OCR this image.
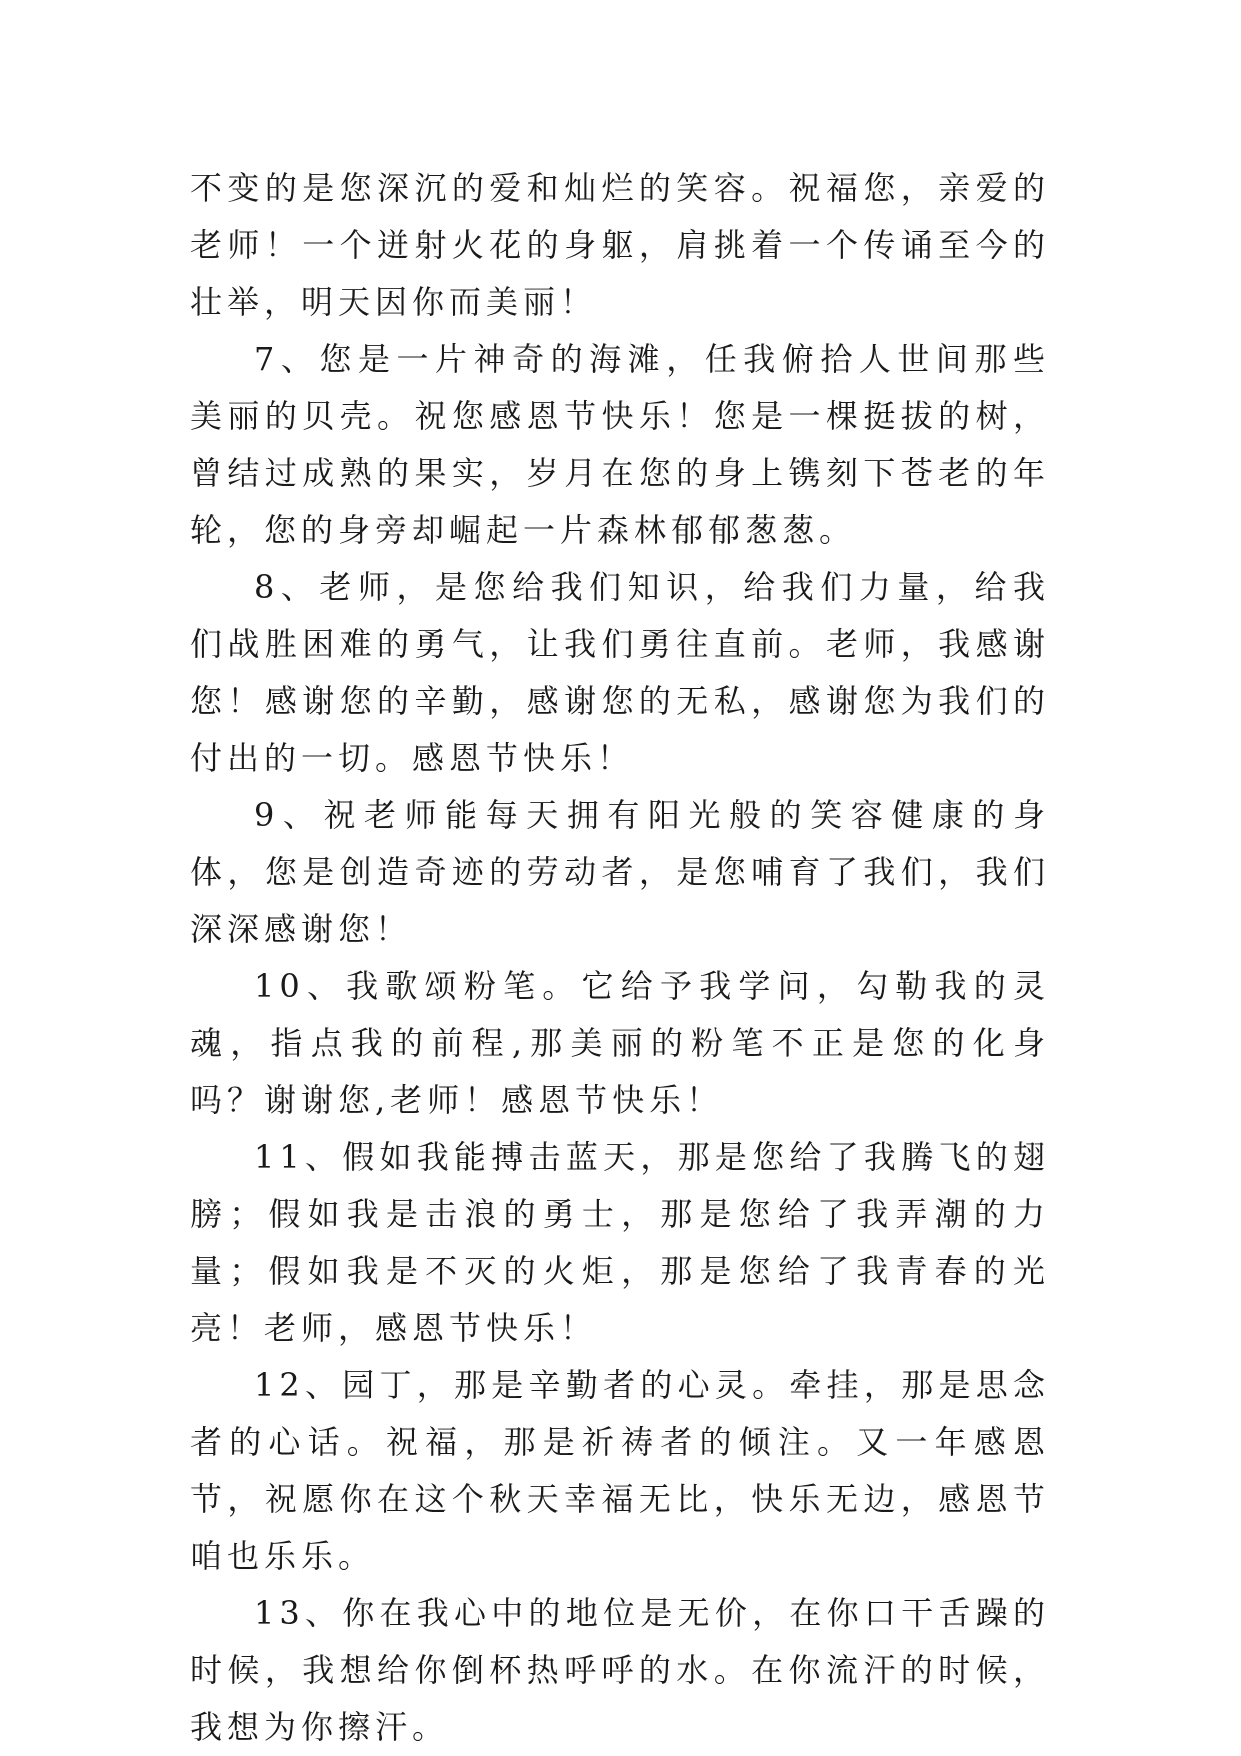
不变的是您深沉的爱和灿烂的笑容。祝福您，亲爱的老师！一个迸射火花的身躯，肩挑着一个传诵至今的壮举，明天因你而美丽！

7、您是一片神奇的海滩，任我俯拾人世间那些美丽的贝壳。祝您感恩节快乐！您是一棵挺拔的树，曾结过成熟的果实，岁月在您的身上镌刻下苍老的年轮，您的身旁却崛起一片森林郁郁葱葱。

8、老师，是您给我们知识，给我们力量，给我们战胜困难的勇气，让我们勇往直前。老师，我感谢您！感谢您的辛勤，感谢您的无私，感谢您为我们的付出的一切。感恩节快乐！

9、祝老师能每天拥有阳光般的笑容健康的身体，您是创造奇迹的劳动者，是您哺育了我们，我们深深感谢您！

10、我歌颂粉笔。它给予我学问，勾勒我的灵魂，指点我的前程,那美丽的粉笔不正是您的化身吗？谢谢您,老师！感恩节快乐！

11、假如我能搏击蓝天，那是您给了我腾飞的翅膀；假如我是击浪的勇士，那是您给了我弄潮的力量；假如我是不灭的火炬，那是您给了我青春的光亮！老师，感恩节快乐！

12、园丁，那是辛勤者的心灵。牵挂，那是思念者的心话。祝福，那是祈祷者的倾注。又一年感恩节，祝愿你在这个秋天幸福无比，快乐无边，感恩节咱也乐乐。

13、你在我心中的地位是无价，在你口干舌躁的时候，我想给你倒杯热呼呼的水。在你流汗的时候，我想为你擦汗。
